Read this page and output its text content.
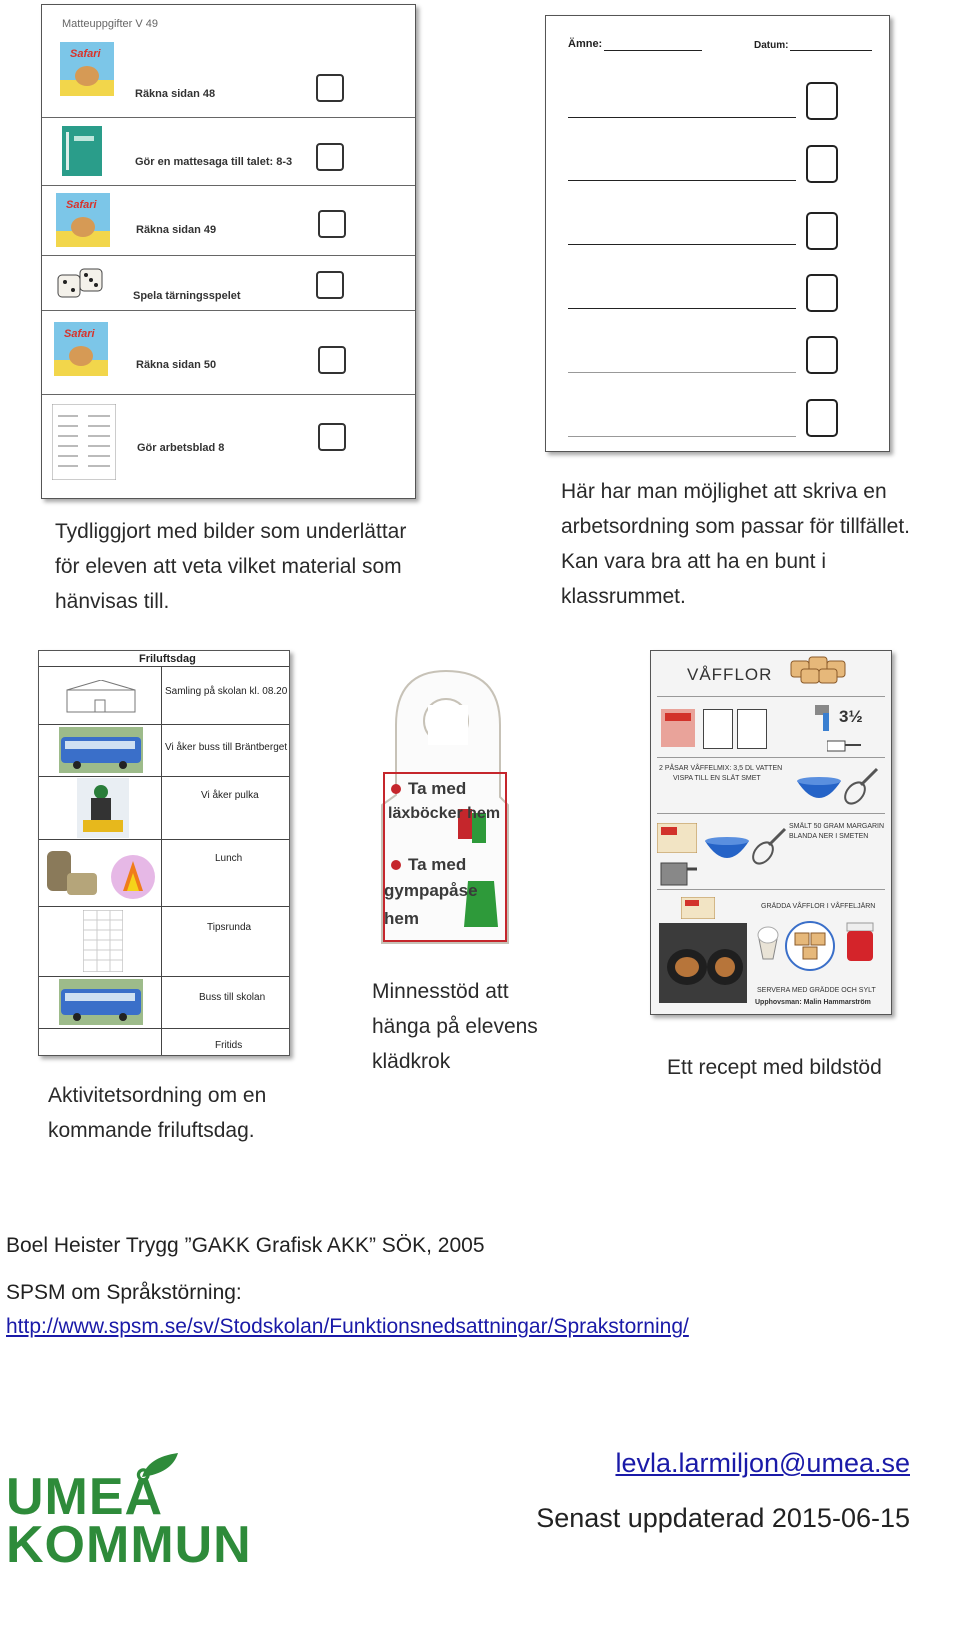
Matteuppgifter V 49
Safari
Räkna sidan 48
Gör en mattesaga till talet: 8-3
Safari
Räkna sidan 49
Spela tärningsspelet
Safari
Räkna sidan 50
Gör arbetsblad 8
Tydliggjort med bilder som underlättar
för eleven att veta vilket material som
hänvisas till.
Ämne:	Datum:
Här har man möjlighet att skriva en
arbetsordning som passar för tillfället.
Kan vara bra att ha en bunt i
klassrummet.
Friluftsdag
Samling på skolan kl. 08.20
Vi åker buss till Bräntberget
Vi åker pulka
Lunch
Tipsrunda
Buss till skolan
Fritids
Aktivitetsordning om en
kommande friluftsdag.
Ta med
läxböcker hem
Ta med
gympapåse
hem
Minnesstöd att
hänga på elevens
klädkrok
VÅFFLOR
3½
2 PÅSAR VÅFFELMIX: 3,5 DL VATTEN
VISPA TILL EN SLÄT SMET
SMÄLT 50 GRAM MARGARIN
BLANDA NER I SMETEN
GRÄDDA VÅFFLOR I VÅFFELJÄRN
SERVERA MED GRÄDDE OCH SYLT
Upphovsman: Malin Hammarström
Ett recept med bildstöd
Boel Heister Trygg ”GAKK Grafisk AKK” SÖK, 2005
SPSM om Språkstörning:
http://www.spsm.se/sv/Stodskolan/Funktionsnedsattningar/Sprakstorning/
UMEÅ
KOMMUN
levla.larmiljon@umea.se
Senast uppdaterad 2015-06-15
